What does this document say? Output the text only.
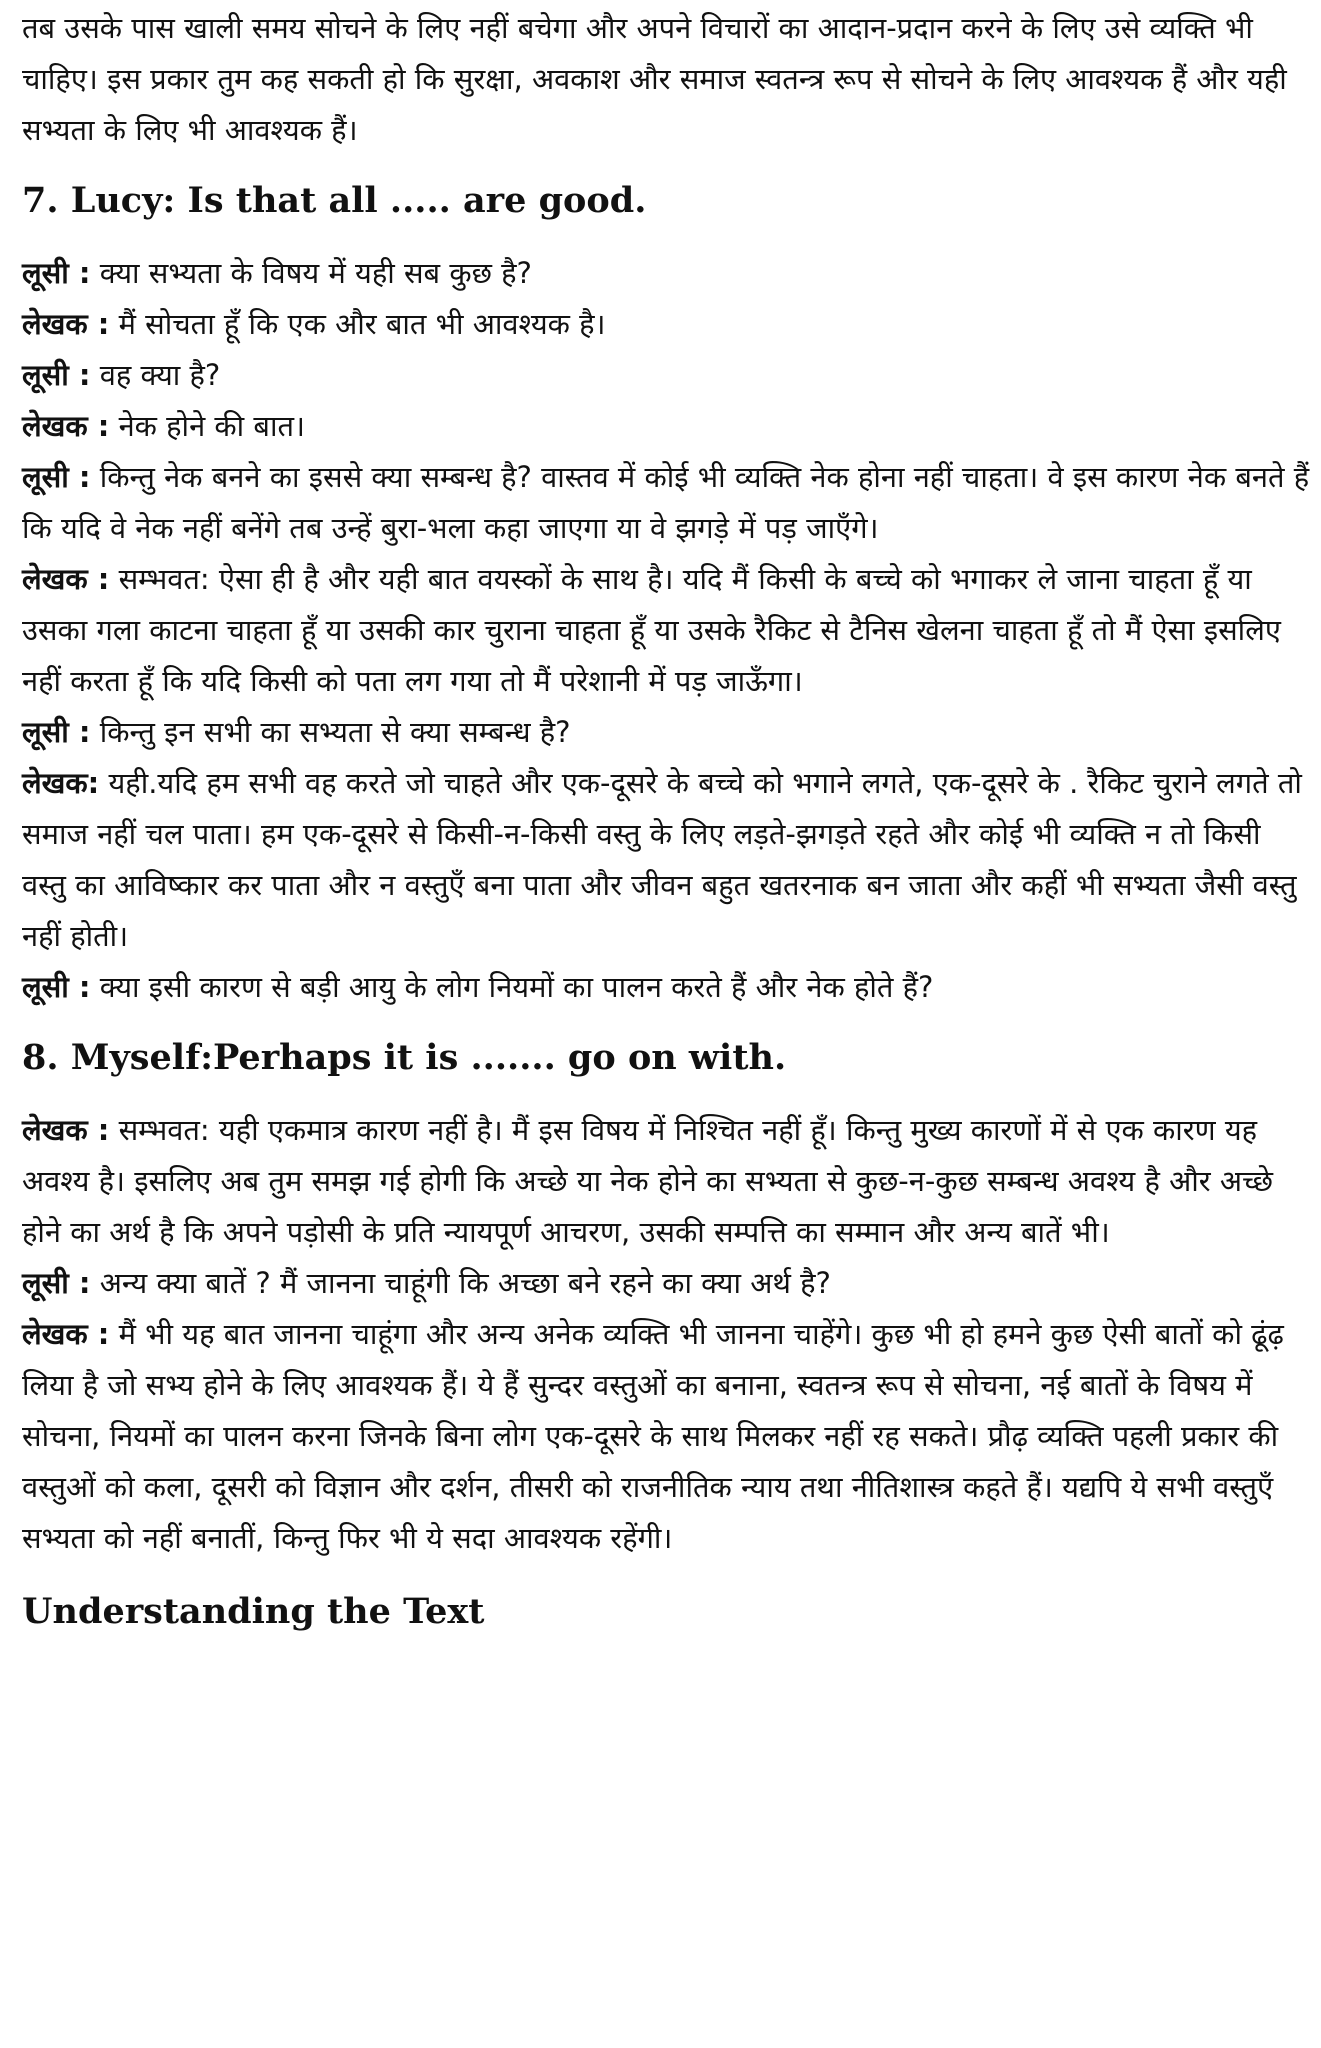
तब उसके पास खाली समय सोचने के लिए नहीं बचेगा और अपने विचारों का आदान-प्रदान करने के लिए उसे व्यक्ति भी चाहिए। इस प्रकार तुम कह सकती हो कि सुरक्षा, अवकाश और समाज स्वतन्त्र रूप से सोचने के लिए आवश्यक हैं और यही सभ्यता के लिए भी आवश्यक हैं।

7. Lucy: Is that all ..... are good.

लूसी : क्या सभ्यता के विषय में यही सब कुछ है?

लेखक : मैं सोचता हूँ कि एक और बात भी आवश्यक है।

लूसी : वह क्या है?

लेखक : नेक होने की बात।

लूसी : किन्तु नेक बनने का इससे क्या सम्बन्ध है? वास्तव में कोई भी व्यक्ति नेक होना नहीं चाहता। वे इस कारण नेक बनते हैं कि यदि वे नेक नहीं बनेंगे तब उन्हें बुरा-भला कहा जाएगा या वे झगड़े में पड़ जाएँगे।

लेखक : सम्भवत: ऐसा ही है और यही बात वयस्कों के साथ है। यदि मैं किसी के बच्चे को भगाकर ले जाना चाहता हूँ या उसका गला काटना चाहता हूँ या उसकी कार चुराना चाहता हूँ या उसके रैकिट से टैनिस खेलना चाहता हूँ तो मैं ऐसा इसलिए नहीं करता हूँ कि यदि किसी को पता लग गया तो मैं परेशानी में पड़ जाऊँगा।

लूसी : किन्तु इन सभी का सभ्यता से क्या सम्बन्ध है?

लेखक: यही.यदि हम सभी वह करते जो चाहते और एक-दूसरे के बच्चे को भगाने लगते, एक-दूसरे के . रैकिट चुराने लगते तो समाज नहीं चल पाता। हम एक-दूसरे से किसी-न-किसी वस्तु के लिए लड़ते-झगड़ते रहते और कोई भी व्यक्ति न तो किसी वस्तु का आविष्कार कर पाता और न वस्तुएँ बना पाता और जीवन बहुत खतरनाक बन जाता और कहीं भी सभ्यता जैसी वस्तु नहीं होती।

लूसी : क्या इसी कारण से बड़ी आयु के लोग नियमों का पालन करते हैं और नेक होते हैं?

8. Myself:Perhaps it is ....... go on with.

लेखक : सम्भवत: यही एकमात्र कारण नहीं है। मैं इस विषय में निश्चित नहीं हूँ। किन्तु मुख्य कारणों में से एक कारण यह अवश्य है। इसलिए अब तुम समझ गई होगी कि अच्छे या नेक होने का सभ्यता से कुछ-न-कुछ सम्बन्ध अवश्य है और अच्छे होने का अर्थ है कि अपने पड़ोसी के प्रति न्यायपूर्ण आचरण, उसकी सम्पत्ति का सम्मान और अन्य बातें भी।

लूसी : अन्य क्या बातें ? मैं जानना चाहूंगी कि अच्छा बने रहने का क्या अर्थ है?

लेखक : मैं भी यह बात जानना चाहूंगा और अन्य अनेक व्यक्ति भी जानना चाहेंगे। कुछ भी हो हमने कुछ ऐसी बातों को ढूंढ़ लिया है जो सभ्य होने के लिए आवश्यक हैं। ये हैं सुन्दर वस्तुओं का बनाना, स्वतन्त्र रूप से सोचना, नई बातों के विषय में सोचना, नियमों का पालन करना जिनके बिना लोग एक-दूसरे के साथ मिलकर नहीं रह सकते। प्रौढ़ व्यक्ति पहली प्रकार की वस्तुओं को कला, दूसरी को विज्ञान और दर्शन, तीसरी को राजनीतिक न्याय तथा नीतिशास्त्र कहते हैं। यद्यपि ये सभी वस्तुएँ सभ्यता को नहीं बनातीं, किन्तु फिर भी ये सदा आवश्यक रहेंगी।

Understanding the Text
